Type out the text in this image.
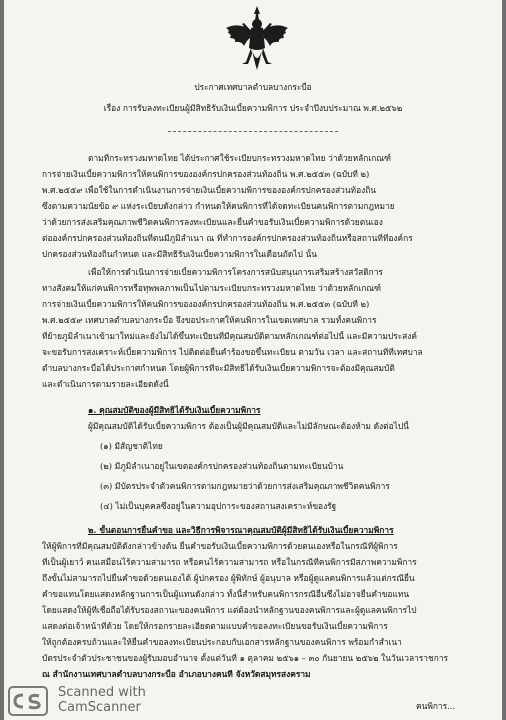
ประกาศเทศบาลตำบลบางกระบือ
เรื่อง การรับลงทะเบียนผู้มีสิทธิรับเงินเบี้ยความพิการ ประจำปีงบประมาณ พ.ศ.๒๕๖๒
ตามที่กระทรวงมหาดไทย ได้ประกาศใช้ระเบียบกระทรวงมหาดไทย ว่าด้วยหลักเกณฑ์
การจ่ายเงินเบี้ยความพิการให้คนพิการขององค์กรปกครองส่วนท้องถิ่น พ.ศ.๒๕๕๓ (ฉบับที่ ๒)
พ.ศ.๒๕๕๙ เพื่อใช้ในการดำเนินงานการจ่ายเงินเบี้ยความพิการขององค์กรปกครองส่วนท้องถิ่น
ซึ่งตามความนัยข้อ ๙ แห่งระเบียบดังกล่าว กำหนดให้คนพิการที่ได้จดทะเบียนคนพิการตามกฎหมาย
ว่าด้วยการส่งเสริมคุณภาพชีวิตคนพิการลงทะเบียนและยื่นคำขอรับเงินเบี้ยความพิการด้วยตนเอง
ต่อองค์กรปกครองส่วนท้องถิ่นที่ตนมีภูมิลำเนา ณ ที่ทำการองค์กรปกครองส่วนท้องถิ่นหรือสถานที่ที่องค์กร
ปกครองส่วนท้องถิ่นกำหนด และมีสิทธิรับเงินเบี้ยความพิการในเดือนถัดไป นั้น
เพื่อให้การดำเนินการจ่ายเบี้ยความพิการโครงการสนับสนุนการเสริมสร้างสวัสดิการ
ทางสังคมให้แก่คนพิการหรือทุพพลภาพเป็นไปตามระเบียบกระทรวงมหาดไทย ว่าด้วยหลักเกณฑ์
การจ่ายเงินเบี้ยความพิการให้คนพิการขององค์กรปกครองส่วนท้องถิ่น พ.ศ.๒๕๕๓ (ฉบับที่ ๒)
พ.ศ.๒๕๕๙ เทศบาลตำบลบางกระบือ จึงขอประกาศให้คนพิการในเขตเทศบาล รวมทั้งคนพิการ
ที่ย้ายภูมิลำเนาเข้ามาใหม่และยังไม่ได้ขึ้นทะเบียนที่มีคุณสมบัติตามหลักเกณฑ์ต่อไปนี้ และมีความประสงค์
จะขอรับการสงเคราะห์เบี้ยความพิการ ไปติดต่อยื่นคำร้องขอขึ้นทะเบียน ตามวัน เวลา และสถานที่ที่เทศบาล
ตำบลบางกระบือได้ประกาศกำหนด โดยผู้พิการที่จะมีสิทธิได้รับเงินเบี้ยความพิการจะต้องมีคุณสมบัติ
และดำเนินการตามรายละเอียดดังนี้
๑. คุณสมบัติของผู้มีสิทธิได้รับเงินเบี้ยความพิการ
ผู้มีคุณสมบัติได้รับเบี้ยความพิการ ต้องเป็นผู้มีคุณสมบัติและไม่มีลักษณะต้องห้าม ดังต่อไปนี้
(๑) มีสัญชาติไทย
(๒) มีภูมิลำเนาอยู่ในเขตองค์กรปกครองส่วนท้องถิ่นตามทะเบียนบ้าน
(๓) มีบัตรประจำตัวคนพิการตามกฎหมายว่าด้วยการส่งเสริมคุณภาพชีวิตคนพิการ
(๔) ไม่เป็นบุคคลซึ่งอยู่ในความอุปการะของสถานสงเคราะห์ของรัฐ
๒. ขั้นตอนการยื่นคำขอ และวิธีการพิจารณาคุณสมบัติผู้มีสิทธิได้รับเงินเบี้ยความพิการ
ให้ผู้พิการที่มีคุณสมบัติดังกล่าวข้างต้น ยื่นคำขอรับเงินเบี้ยความพิการด้วยตนเองหรือในกรณีที่ผู้พิการ
ที่เป็นผู้เยาว์ คนเสมือนไร้ความสามารถ หรือคนไร้ความสามารถ หรือในกรณีที่คนพิการมีสภาพความพิการ
ถึงขั้นไม่สามารถไปยื่นคำขอด้วยตนเองได้ ผู้ปกครอง ผู้พิทักษ์ ผู้อนุบาล หรือผู้ดูแลคนพิการแล้วแต่กรณียื่น
คำขอแทนโดยแสดงหลักฐานการเป็นผู้แทนดังกล่าว ทั้งนี้สำหรับคนพิการกรณีอื่นซึ่งไม่อาจยื่นคำขอแทน
โดยแสดงให้ผู้ที่เชื่อถือได้รับรองสถานะของคนพิการ แต่ต้องนำหลักฐานของคนพิการและผู้ดูแลคนพิการไป
แสดงต่อเจ้าหน้าที่ด้วย โดยให้กรอกรายละเอียดตามแบบคำขอลงทะเบียนขอรับเงินเบี้ยความพิการ
ให้ถูกต้องครบถ้วนและให้ยื่นคำขอลงทะเบียนประกอบกับเอกสารหลักฐานของคนพิการ พร้อมกำสำเนา
บัตรประจำตัวประชาชนของผู้รับมอบอำนาจ ตั้งแต่วันที่ ๑ ตุลาคม ๒๕๖๑ – ๓๐ กันยายน ๒๕๖๒ ในวันเวลาราชการ
ณ สำนักงานเทศบาลตำบลบางกระบือ อำเภอบางคนที จังหวัดสมุทรสงคราม
คนพิการ...
Scanned with
CamScanner
